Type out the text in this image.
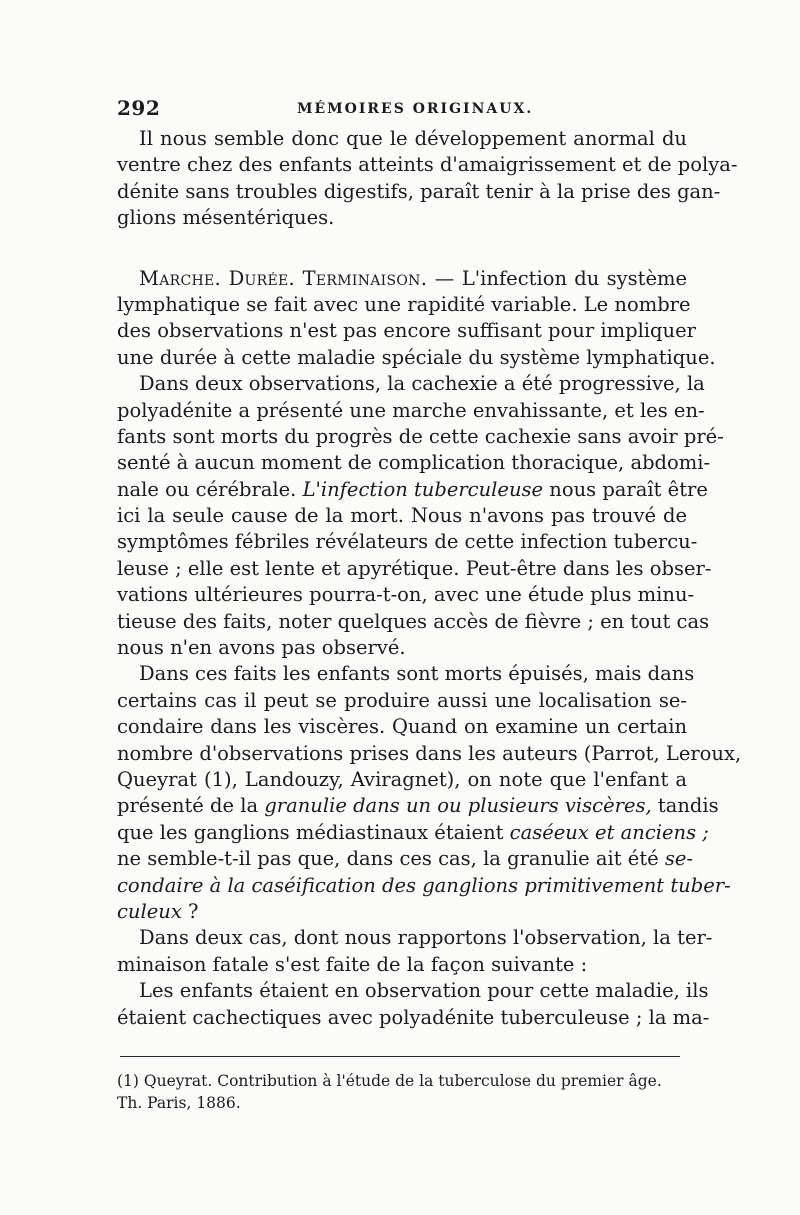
292	MÉMOIRES ORIGINAUX.
Il nous semble donc que le développement anormal du
ventre chez des enfants atteints d'amaigrissement et de polya-
dénite sans troubles digestifs, paraît tenir à la prise des gan-
glions mésentériques.
Marche. Durée. Terminaison. — L'infection du système
lymphatique se fait avec une rapidité variable. Le nombre
des observations n'est pas encore suffisant pour impliquer
une durée à cette maladie spéciale du système lymphatique.
Dans deux observations, la cachexie a été progressive, la
polyadénite a présenté une marche envahissante, et les en-
fants sont morts du progrès de cette cachexie sans avoir pré-
senté à aucun moment de complication thoracique, abdomi-
nale ou cérébrale. L'infection tuberculeuse nous paraît être
ici la seule cause de la mort. Nous n'avons pas trouvé de
symptômes fébriles révélateurs de cette infection tubercu-
leuse ; elle est lente et apyrétique. Peut-être dans les obser-
vations ultérieures pourra-t-on, avec une étude plus minu-
tieuse des faits, noter quelques accès de fièvre ; en tout cas
nous n'en avons pas observé.
Dans ces faits les enfants sont morts épuisés, mais dans
certains cas il peut se produire aussi une localisation se-
condaire dans les viscères. Quand on examine un certain
nombre d'observations prises dans les auteurs (Parrot, Leroux,
Queyrat (1), Landouzy, Aviragnet), on note que l'enfant a
présenté de la granulie dans un ou plusieurs viscères, tandis
que les ganglions médiastinaux étaient caséeux et anciens ;
ne semble-t-il pas que, dans ces cas, la granulie ait été se-
condaire à la caséification des ganglions primitivement tuber-
culeux ?
Dans deux cas, dont nous rapportons l'observation, la ter-
minaison fatale s'est faite de la façon suivante :
Les enfants étaient en observation pour cette maladie, ils
étaient cachectiques avec polyadénite tuberculeuse ; la ma-
(1) Queyrat. Contribution à l'étude de la tuberculose du premier âge.
Th. Paris, 1886.
